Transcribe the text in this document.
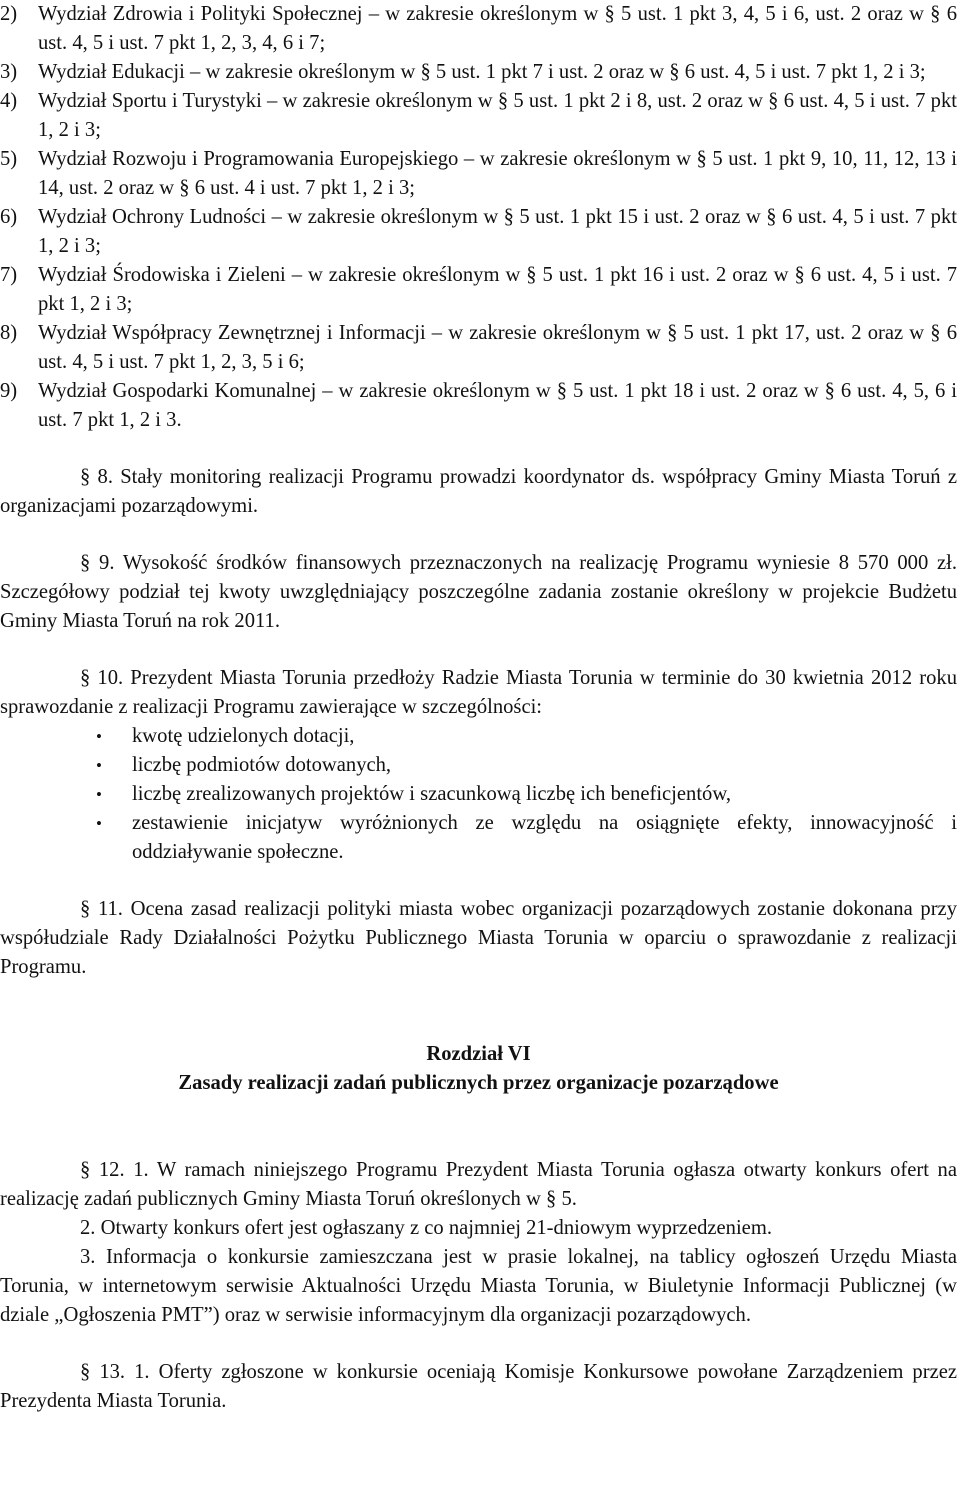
2)	Wydział Zdrowia i Polityki Społecznej – w zakresie określonym w § 5 ust. 1 pkt 3, 4, 5 i 6, ust. 2 oraz w § 6 ust. 4, 5 i ust. 7 pkt 1, 2, 3, 4, 6 i 7;
3)	Wydział Edukacji – w zakresie określonym w § 5 ust. 1 pkt 7 i ust. 2 oraz w § 6 ust. 4, 5 i ust. 7 pkt 1, 2 i 3;
4)	Wydział Sportu i Turystyki – w zakresie określonym w § 5 ust. 1 pkt 2 i 8, ust. 2 oraz w § 6 ust. 4, 5 i ust. 7 pkt 1, 2 i 3;
5)	Wydział Rozwoju i Programowania Europejskiego – w zakresie określonym w § 5 ust. 1 pkt 9, 10, 11, 12, 13 i 14, ust. 2 oraz w § 6 ust. 4 i ust. 7 pkt 1, 2 i 3;
6)	Wydział Ochrony Ludności – w zakresie określonym w § 5 ust. 1 pkt 15 i ust. 2 oraz w § 6 ust. 4, 5 i ust. 7 pkt 1, 2 i 3;
7)	Wydział Środowiska i Zieleni – w zakresie określonym w § 5 ust. 1 pkt 16 i ust. 2 oraz w § 6 ust. 4, 5 i ust. 7 pkt 1, 2 i 3;
8)	Wydział Współpracy Zewnętrznej i Informacji – w zakresie określonym w § 5 ust. 1 pkt 17, ust. 2 oraz w § 6 ust. 4, 5 i ust. 7 pkt 1, 2, 3, 5 i 6;
9)	Wydział Gospodarki Komunalnej – w zakresie określonym w § 5 ust. 1 pkt 18 i ust. 2 oraz w § 6 ust. 4, 5, 6 i ust. 7 pkt 1, 2 i 3.

§ 8. Stały monitoring realizacji Programu prowadzi koordynator ds. współpracy Gminy Miasta Toruń z organizacjami pozarządowymi.

§ 9. Wysokość środków finansowych przeznaczonych na realizację Programu wyniesie 8 570 000 zł. Szczegółowy podział tej kwoty uwzględniający poszczególne zadania zostanie określony w projekcie Budżetu Gminy Miasta Toruń na rok 2011.

§ 10. Prezydent Miasta Torunia przedłoży Radzie Miasta Torunia w terminie do 30 kwietnia 2012 roku sprawozdanie z realizacji Programu zawierające w szczególności:

•	kwotę udzielonych dotacji,
•	liczbę podmiotów dotowanych,
•	liczbę zrealizowanych projektów i szacunkową liczbę ich beneficjentów,
•	zestawienie inicjatyw wyróżnionych ze względu na osiągnięte efekty, innowacyjność i oddziaływanie społeczne.

§ 11. Ocena zasad realizacji polityki miasta wobec organizacji pozarządowych zostanie dokonana przy współudziale Rady Działalności Pożytku Publicznego Miasta Torunia w oparciu o sprawozdanie z realizacji Programu.

Rozdział VI

Zasady realizacji zadań publicznych przez organizacje pozarządowe

§ 12. 1. W ramach niniejszego Programu Prezydent Miasta Torunia ogłasza otwarty konkurs ofert na realizację zadań publicznych Gminy Miasta Toruń określonych w § 5.

2. Otwarty konkurs ofert jest ogłaszany z co najmniej 21-dniowym wyprzedzeniem.

3. Informacja o konkursie zamieszczana jest w prasie lokalnej, na tablicy ogłoszeń Urzędu Miasta Torunia, w internetowym serwisie Aktualności Urzędu Miasta Torunia, w Biuletynie Informacji Publicznej (w dziale „Ogłoszenia PMT”) oraz w serwisie informacyjnym dla organizacji pozarządowych.

§ 13. 1. Oferty zgłoszone w konkursie oceniają Komisje Konkursowe powołane Zarządzeniem przez Prezydenta Miasta Torunia.
